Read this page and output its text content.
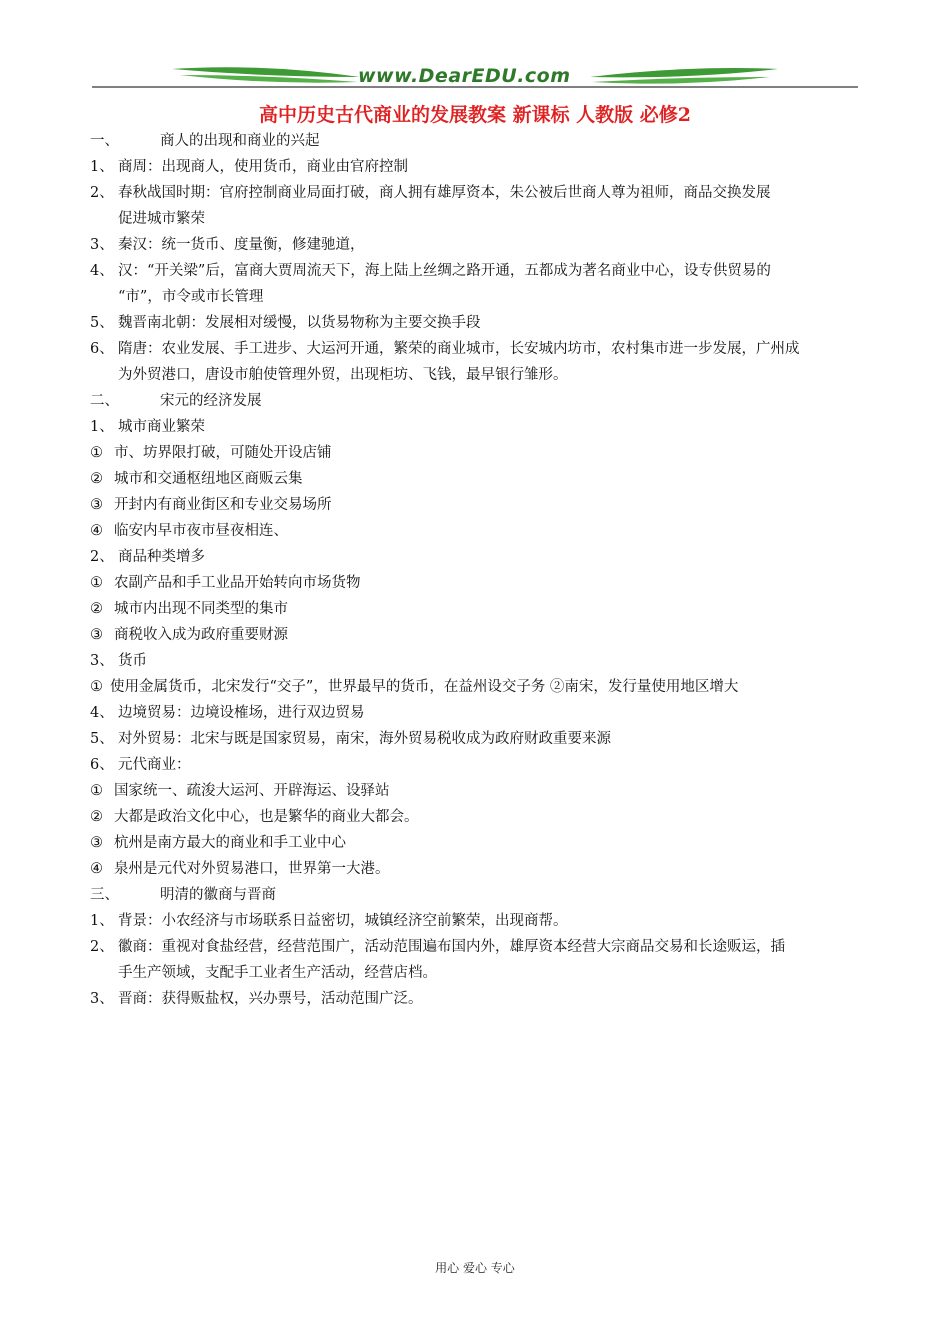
www.DearEDU.com
高中历史古代商业的发展教案 新课标 人教版 必修2
一、	商人的出现和商业的兴起
1、 商周：出现商人，使用货币，商业由官府控制
2、 春秋战国时期：官府控制商业局面打破，商人拥有雄厚资本，朱公被后世商人尊为祖师，商品交换发展
促进城市繁荣
3、 秦汉：统一货币、度量衡，修建驰道，
4、 汉：“开关梁”后，富商大贾周流天下，海上陆上丝绸之路开通，五都成为著名商业中心，设专供贸易的
“市”，市令或市长管理
5、 魏晋南北朝：发展相对缓慢，以货易物称为主要交换手段
6、 隋唐：农业发展、手工进步、大运河开通，繁荣的商业城市，长安城内坊市，农村集市进一步发展，广州成
为外贸港口，唐设市舶使管理外贸，出现柜坊、飞钱，最早银行雏形。
二、	宋元的经济发展
1、 城市商业繁荣
① 市、坊界限打破，可随处开设店铺
② 城市和交通枢纽地区商贩云集
③ 开封内有商业街区和专业交易场所
④ 临安内早市夜市昼夜相连、
2、 商品种类增多
① 农副产品和手工业品开始转向市场货物
② 城市内出现不同类型的集市
③ 商税收入成为政府重要财源
3、 货币
① 使用金属货币，北宋发行“交子”，世界最早的货币，在益州设交子务 ②南宋，发行量使用地区增大
4、 边境贸易：边境设榷场，进行双边贸易
5、 对外贸易：北宋与既是国家贸易，南宋，海外贸易税收成为政府财政重要来源
6、 元代商业：
① 国家统一、疏浚大运河、开辟海运、设驿站
② 大都是政治文化中心，也是繁华的商业大都会。
③ 杭州是南方最大的商业和手工业中心
④ 泉州是元代对外贸易港口，世界第一大港。
三、	明清的徽商与晋商
1、 背景：小农经济与市场联系日益密切，城镇经济空前繁荣，出现商帮。
2、 徽商：重视对食盐经营，经营范围广，活动范围遍布国内外，雄厚资本经营大宗商品交易和长途贩运，插
手生产领域，支配手工业者生产活动，经营店档。
3、 晋商：获得贩盐权，兴办票号，活动范围广泛。
用心 爱心 专心
